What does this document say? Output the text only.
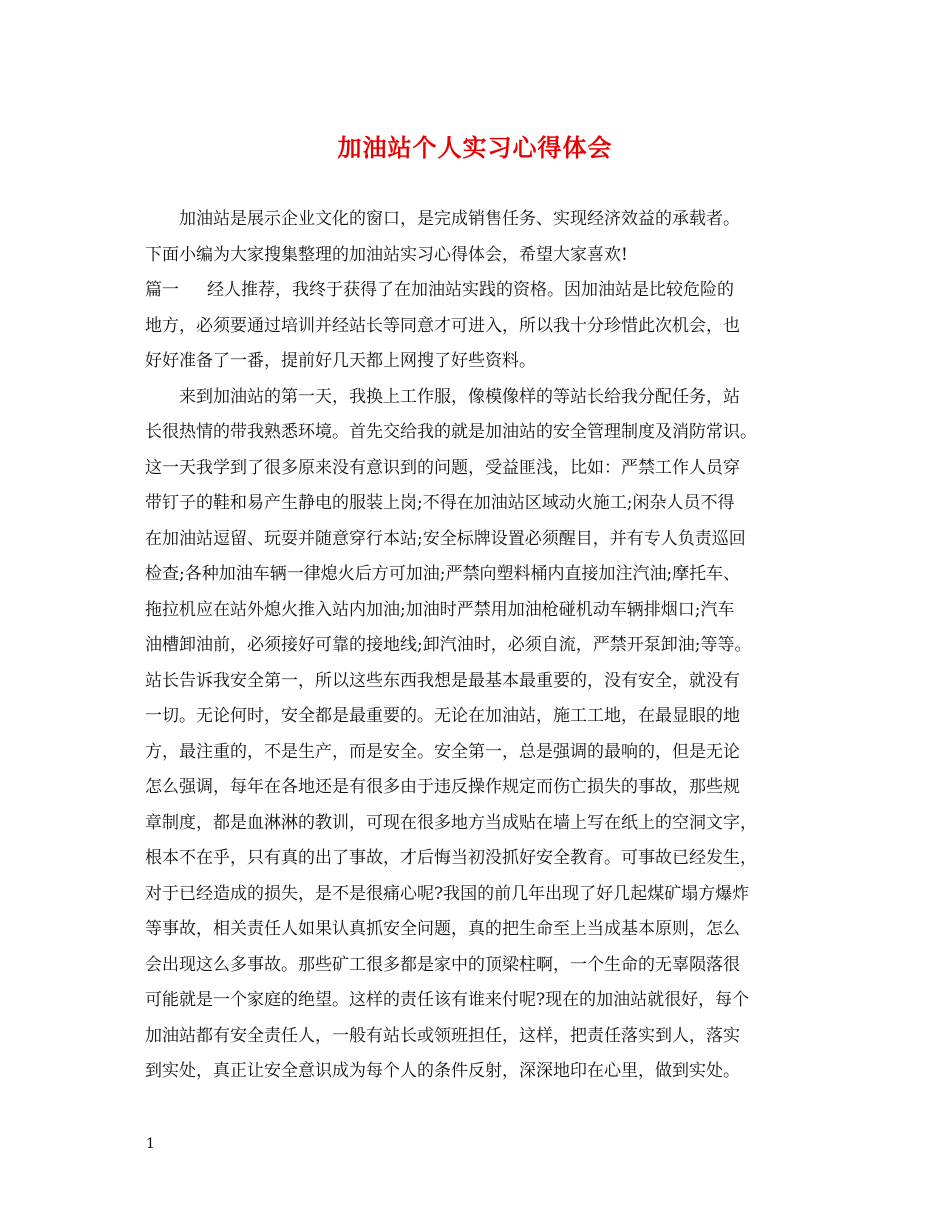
加油站个人实习心得体会

加油站是展示企业文化的窗口，是完成销售任务、实现经济效益的承载者。

下面小编为大家搜集整理的加油站实习心得体会，希望大家喜欢!

篇一 经人推荐，我终于获得了在加油站实践的资格。因加油站是比较危险的

地方，必须要通过培训并经站长等同意才可进入，所以我十分珍惜此次机会，也

好好准备了一番，提前好几天都上网搜了好些资料。

来到加油站的第一天，我换上工作服，像模像样的等站长给我分配任务，站

长很热情的带我熟悉环境。首先交给我的就是加油站的安全管理制度及消防常识。

这一天我学到了很多原来没有意识到的问题，受益匪浅，比如：严禁工作人员穿

带钉子的鞋和易产生静电的服装上岗;不得在加油站区域动火施工;闲杂人员不得

在加油站逗留、玩耍并随意穿行本站;安全标牌设置必须醒目，并有专人负责巡回

检查;各种加油车辆一律熄火后方可加油;严禁向塑料桶内直接加注汽油;摩托车、

拖拉机应在站外熄火推入站内加油;加油时严禁用加油枪碰机动车辆排烟口;汽车

油槽卸油前，必须接好可靠的接地线;卸汽油时，必须自流，严禁开泵卸油;等等。

站长告诉我安全第一，所以这些东西我想是最基本最重要的，没有安全，就没有

一切。无论何时，安全都是最重要的。无论在加油站，施工工地，在最显眼的地

方，最注重的，不是生产，而是安全。安全第一，总是强调的最响的，但是无论

怎么强调，每年在各地还是有很多由于违反操作规定而伤亡损失的事故，那些规

章制度，都是血淋淋的教训，可现在很多地方当成贴在墙上写在纸上的空洞文字，

根本不在乎，只有真的出了事故，才后悔当初没抓好安全教育。可事故已经发生，

对于已经造成的损失，是不是很痛心呢?我国的前几年出现了好几起煤矿塌方爆炸

等事故，相关责任人如果认真抓安全问题，真的把生命至上当成基本原则，怎么

会出现这么多事故。那些矿工很多都是家中的顶梁柱啊，一个生命的无辜陨落很

可能就是一个家庭的绝望。这样的责任该有谁来付呢?现在的加油站就很好，每个

加油站都有安全责任人，一般有站长或领班担任，这样，把责任落实到人，落实

到实处，真正让安全意识成为每个人的条件反射，深深地印在心里，做到实处。

1
